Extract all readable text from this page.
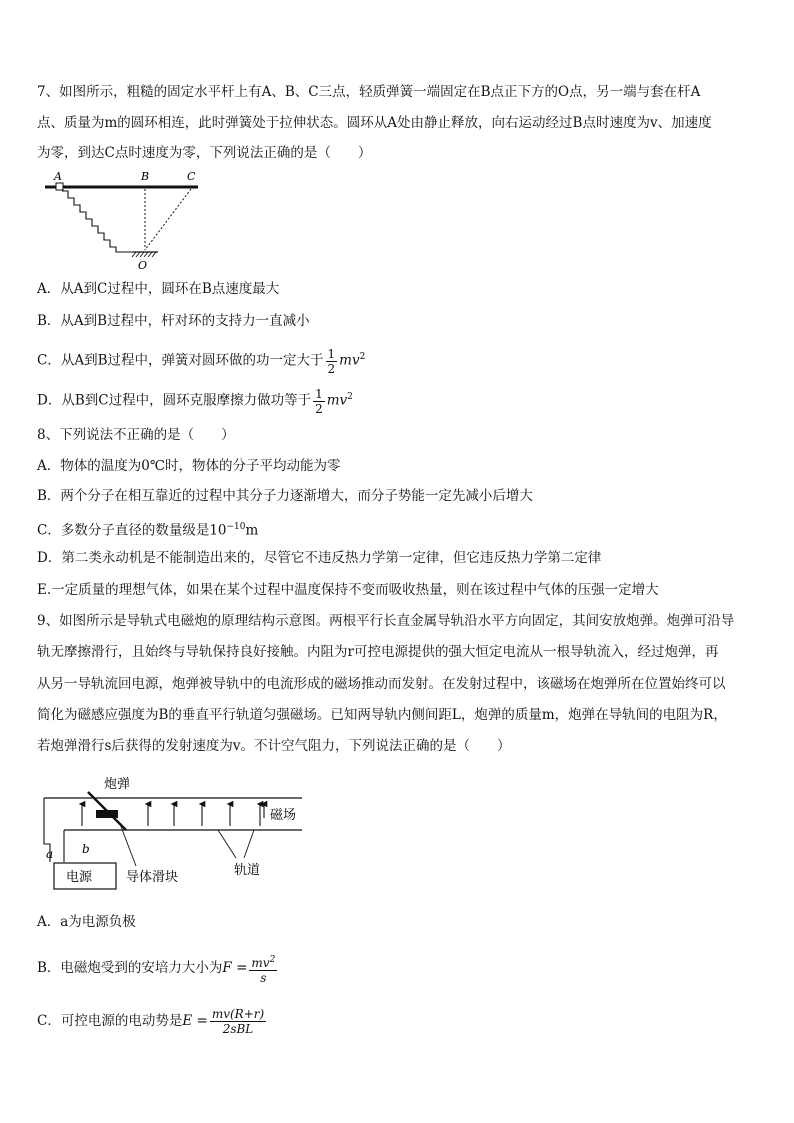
7、如图所示，粗糙的固定水平杆上有A、B、C三点，轻质弹簧一端固定在B点正下方的O点，另一端与套在杆A
点、质量为m的圆环相连，此时弹簧处于拉伸状态。圆环从A处由静止释放，向右运动经过B点时速度为v、加速度
为零，到达C点时速度为零，下列说法正确的是（　　）
A	B	C
O
A．从A到C过程中，圆环在B点速度最大
B．从A到B过程中，杆对环的支持力一直减小
C．从A到B过程中，弹簧对圆环做的功一定大于 $\frac{1}{2} mv^2$
D．从B到C过程中，圆环克服摩擦力做功等于 $\frac{1}{2} mv^2$
8、下列说法不正确的是（　　）
A．物体的温度为0℃时，物体的分子平均动能为零
B．两个分子在相互靠近的过程中其分子力逐渐增大，而分子势能一定先减小后增大
C．多数分子直径的数量级是$10^{-10}m$
D．第二类永动机是不能制造出来的，尽管它不违反热力学第一定律，但它违反热力学第二定律
E.一定质量的理想气体，如果在某个过程中温度保持不变而吸收热量，则在该过程中气体的压强一定增大
9、如图所示是导轨式电磁炮的原理结构示意图。两根平行长直金属导轨沿水平方向固定，其间安放炮弹。炮弹可沿导
轨无摩擦滑行，且始终与导轨保持良好接触。内阻为r可控电源提供的强大恒定电流从一根导轨流入，经过炮弹，再
从另一导轨流回电源，炮弹被导轨中的电流形成的磁场推动而发射。在发射过程中，该磁场在炮弹所在位置始终可以
简化为磁感应强度为B的垂直平行轨道匀强磁场。已知两导轨内侧间距L，炮弹的质量m，炮弹在导轨间的电阻为R，
若炮弹滑行s后获得的发射速度为v。不计空气阻力，下列说法正确的是（　　）
电源
炮弹
磁场
导体滑块	轨道
a b
A．a为电源负极
B．电磁炮受到的安培力大小为$F = \frac{mv^2}{s}$
C．可控电源的电动势是$E = \frac{mv(R+r)}{\text{2sBL}}$
